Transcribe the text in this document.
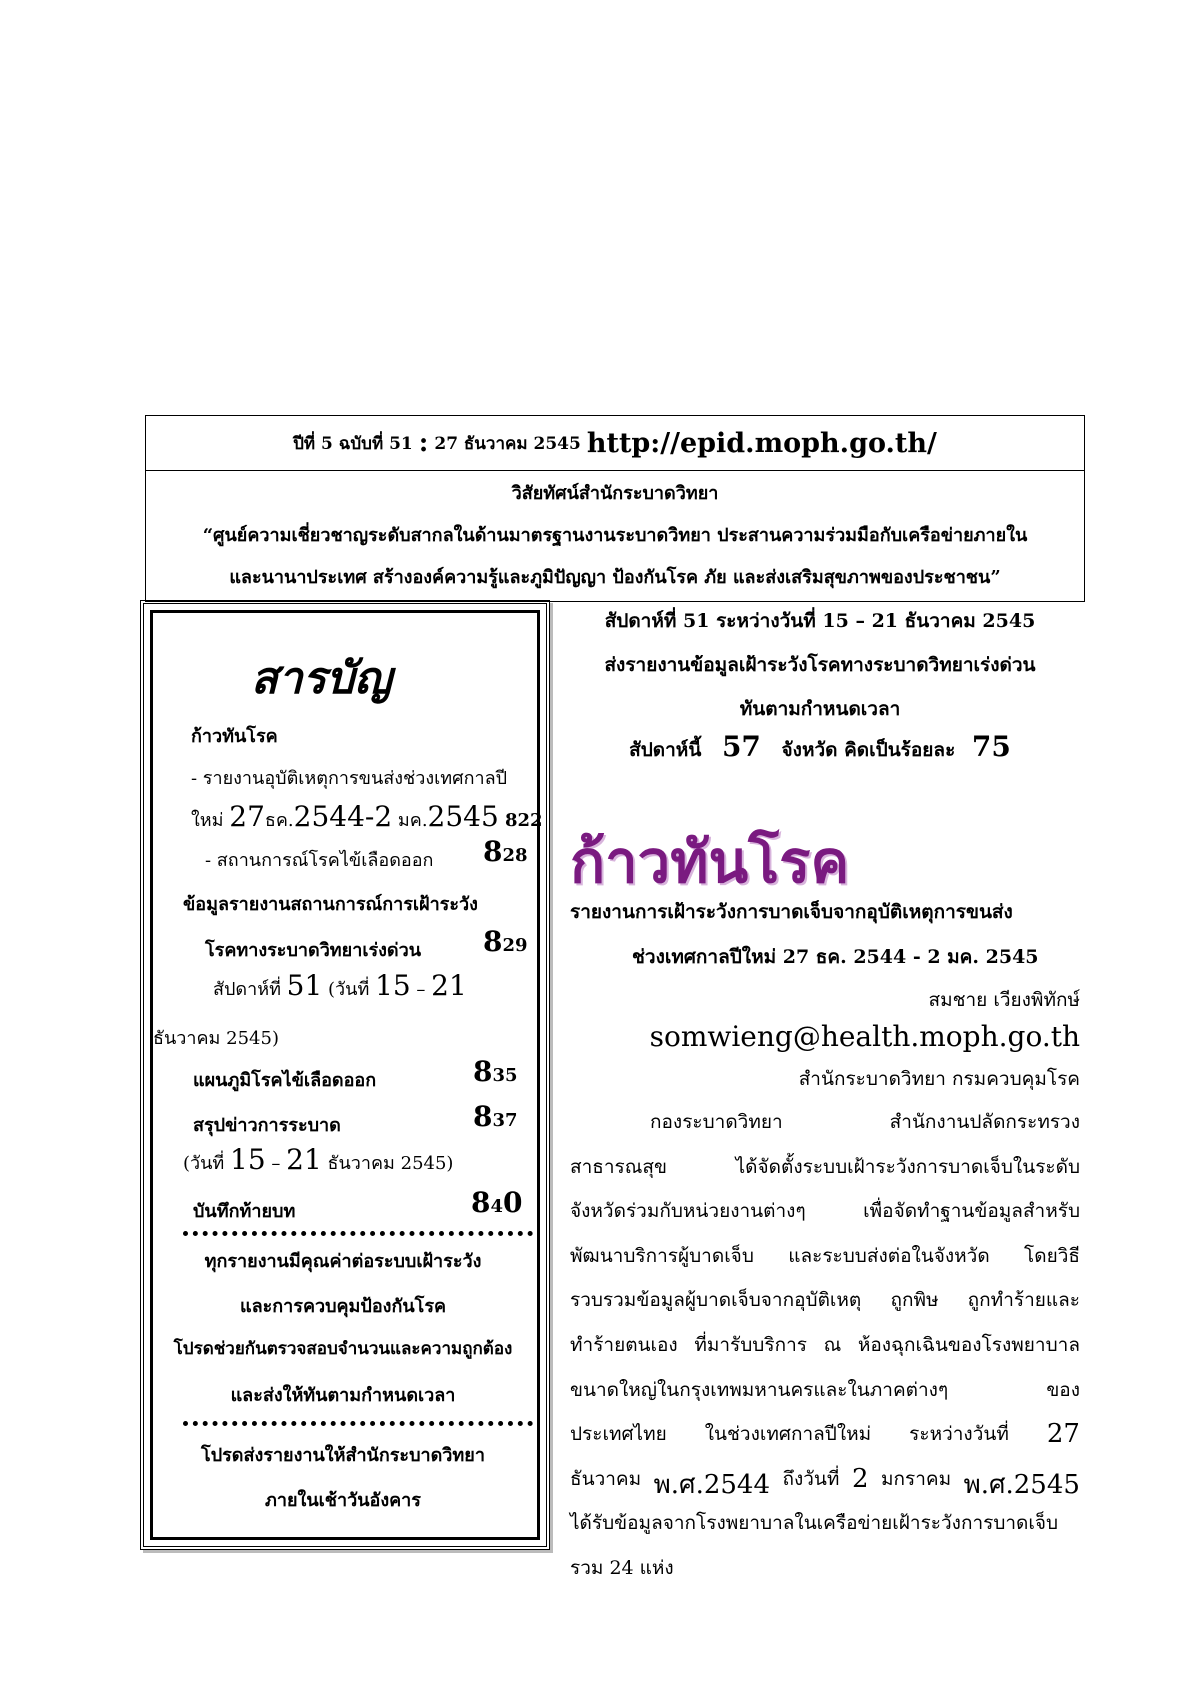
ปีที่ 5 ฉบับที่ 51 : 27 ธันวาคม 2545 http://epid.moph.go.th/
วิสัยทัศน์สำนักระบาดวิทยา
“ศูนย์ความเชี่ยวชาญระดับสากลในด้านมาตรฐานงานระบาดวิทยา ประสานความร่วมมือกับเครือข่ายภายใน
และนานาประเทศ สร้างองค์ความรู้และภูมิปัญญา ป้องกันโรค ภัย และส่งเสริมสุขภาพของประชาชน”
สารบัญ
ก้าวทันโรค
- รายงานอุบัติเหตุการขนส่งช่วงเทศกาลปี
ใหม่ 27ธค.2544-2 มค.2545 822
- สถานการณ์โรคไข้เลือดออก 828
ข้อมูลรายงานสถานการณ์การเฝ้าระวัง
โรคทางระบาดวิทยาเร่งด่วน 829
สัปดาห์ที่ 51 (วันที่ 15 – 21
ธันวาคม 2545)
แผนภูมิโรคไข้เลือดออก	835
สรุปข่าวการระบาด	837
(วันที่ 15 – 21 ธันวาคม 2545)
บันทึกท้ายบท	840
ทุกรายงานมีคุณค่าต่อระบบเฝ้าระวัง
และการควบคุมป้องกันโรค
โปรดช่วยกันตรวจสอบจำนวนและความถูกต้อง
และส่งให้ทันตามกำหนดเวลา
โปรดส่งรายงานให้สำนักระบาดวิทยา
ภายในเช้าวันอังคาร
สัปดาห์ที่ 51 ระหว่างวันที่ 15 – 21 ธันวาคม 2545
ส่งรายงานข้อมูลเฝ้าระวังโรคทางระบาดวิทยาเร่งด่วน
ทันตามกำหนดเวลา
สัปดาห์นี้ 57 จังหวัด คิดเป็นร้อยละ 75
ก้าวทันโรค
รายงานการเฝ้าระวังการบาดเจ็บจากอุบัติเหตุการขนส่ง
ช่วงเทศกาลปีใหม่ 27 ธค. 2544 - 2 มค. 2545
สมชาย เวียงพิทักษ์
somwieng@health.moph.go.th
สำนักระบาดวิทยา กรมควบคุมโรค
กองระบาดวิทยา	สำนักงานปลัดกระทรวง
สาธารณสุข	ได้จัดตั้งระบบเฝ้าระวังการบาดเจ็บในระดับ
จังหวัดร่วมกับหน่วยงานต่างๆ	เพื่อจัดทำฐานข้อมูลสำหรับ
พัฒนาบริการผู้บาดเจ็บ และระบบส่งต่อในจังหวัด โดยวิธี
รวบรวมข้อมูลผู้บาดเจ็บจากอุบัติเหตุ ถูกพิษ ถูกทำร้ายและ
ทำร้ายตนเอง ที่มารับบริการ ณ ห้องฉุกเฉินของโรงพยาบาล
ขนาดใหญ่ในกรุงเทพมหานครและในภาคต่างๆ	ของ
ประเทศไทย ในช่วงเทศกาลปีใหม่ ระหว่างวันที่ 27
ธันวาคม พ.ศ.2544 ถึงวันที่ 2 มกราคม พ.ศ.2545
ได้รับข้อมูลจากโรงพยาบาลในเครือข่ายเฝ้าระวังการบาดเจ็บ
รวม 24 แห่ง
